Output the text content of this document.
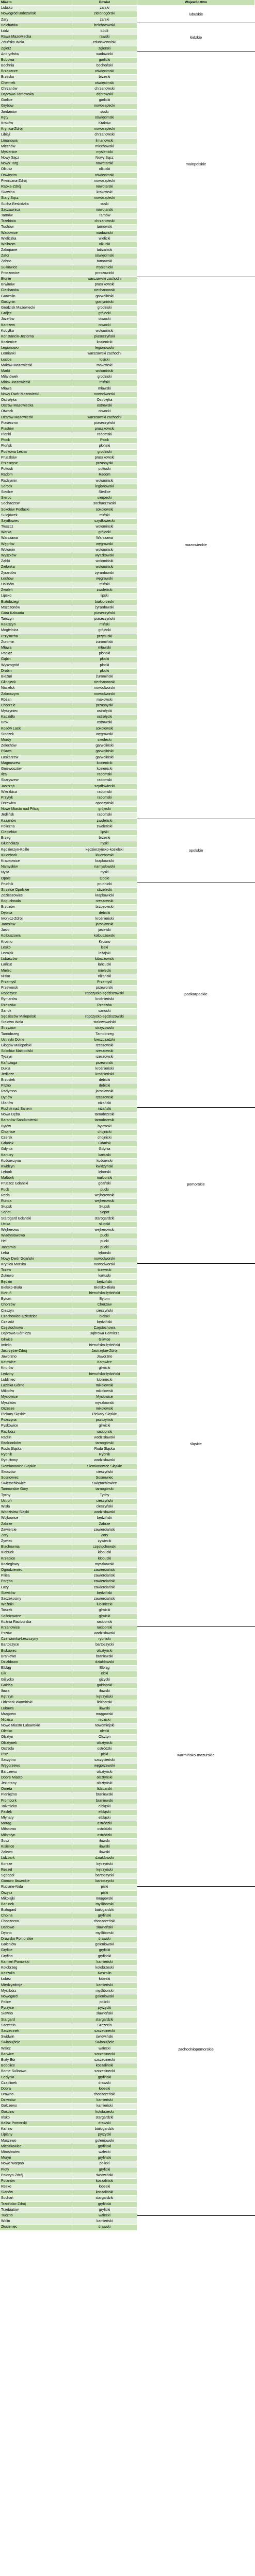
Miasto	Powiat	Województwo
Lubsko	żarski
Nowogród Bobrzański	zielonogórski	lubuskie
Żary	żarski
Bełchatów	bełchatowski
Łódź	Łódź
Rawa Mazowiecka	rawski	łódzkie
Zduńska Wola	zduńskowolski
Zgierz	zgierski
Andrychów	wadowicki
Bobowa	gorlicki
Bochnia	bocheński
Brzeszcze	oświęcimski
Brzesko	brzeski
Chełmek	oświęcimski
Chrzanów	chrzanowski
Dąbrowa Tarnowska	dąbrowski
Gorlice	gorlicki
Grybów	nowosądecki
Jordanów	suski
Kęty	oświęcimski
Kraków	Kraków
Krynica-Zdrój	nowosądecki
Libiąż	chrzanowski
Limanowa	limanowski
Miechów	miechowski
Myślenice	myślenicki
Nowy Sącz	Nowy Sącz
Nowy Targ	nowotarski	małopolskie
Olkusz	olkuski
Oświęcim	oświęcimski
Piwniczna-Zdrój	nowosądecki
Rabka-Zdrój	nowotarski
Skawina	krakowski
Stary Sącz	nowosądecki
Sucha Beskidzka	suski
Szczawnica	nowotarski
Tarnów	Tarnów
Trzebinia	chrzanowski
Tuchów	tarnowski
Wadowice	wadowicki
Wieliczka	wielicki
Wolbrom	olkuski
Zakopane	tatrzański
Zator	oświęcimski
Żabno	tarnowski
Sułkowice	myślenicki
Proszowice	proszowicki
Błonie	warszawski zachodni
Brwinów	pruszkowski
Ciechanów	ciechanowski
Garwolin	garwoliński
Gostynin	gostyniński
Grodzisk Mazowiecki	grodziski
Grójec	grójecki
Józefów	otwocki
Karczew	otwocki
Kobyłka	wołomiński
Konstancin-Jeziorna	piaseczyński
Kozienice	kozienicki
Legionowo	legionowski
Łomianki	warszawski zachodni
Łosice	łosicki
Maków Mazowiecki	makowski
Marki	wołomiński
Milanówek	grodziski
Mińsk Mazowiecki	miński
Mława	mławski
Nowy Dwór Mazowiecki	nowodworski
Ostrołęka	Ostrołęka
Ostrów Mazowiecka	ostrowski
Otwock	otwocki
Ożarów Mazowiecki	warszawski zachodni
Piaseczno	piaseczyński
Piastów	pruszkowski
Pionki	radomski
Płock	Płock
Płońsk	płoński
Podkowa Leśna	grodziski
Pruszków	pruszkowski
Przasnysz	przasnyski
Pułtusk	pułtuski
Radom	Radom
Radzymin	wołomiński
Serock	legionowski
Siedlce	Siedlce
Sierpc	sierpecki
Sochaczew	sochaczewski
Sokołów Podlaski	sokołowski
Sulejówek	miński
Szydłowiec	szydłowiecki
Tłuszcz	wołomiński
Warka	grójecki
Warszawa	Warszawa
Węgrów	węgrowski	mazowieckie
Wołomin	wołomiński
Wyszków	wyszkowski
Ząbki	wołomiński
Zielonka	wołomiński
Żyrardów	żyrardowski
Łochów	węgrowski
Halinów	miński
Zwoleń	zwoleński
Lipsko	lipski
Białobrzegi	białobrzeski
Mszczonów	żyrardowski
Góra Kalwaria	piaseczyński
Tarczyn	piaseczyński
Kałuszyn	miński
Mogielnica	grójecki
Przysucha	przysuski
Żuromin	żuromiński
Mława	mławski
Raciąż	płoński
Gąbin	płocki
Wyszogród	płocki
Drobin	płocki
Bieżuń	żuromiński
Glinojeck	ciechanowski
Nasielsk	nowodworski
Zakroczym	nowodworski
Różan	makowski
Chorzele	przasnyski
Myszyniec	ostrołęcki
Kadzidło	ostrołęcki
Brok	ostrowski
Kosów Lacki	sokołowski
Stoczek	węgrowski
Mordy	siedlecki
Żelechów	garwoliński
Pilawa	garwoliński
Łaskarzew	garwoliński
Magnuszew	kozienicki
Gniewoszów	kozienicki
Iłża	radomski
Skaryszew	radomski
Jastrząb	szydłowiecki
Wierzbica	radomski
Przytyk	radomski
Drzewica	opoczyński
Nowe Miasto nad Pilicą	grójecki
Jedlińsk	radomski
Kazanów	zwoleński
Policzna	zwoleński
Ciepielów	lipski
Brzeg	brzeski
Głuchołazy	nyski
Kędzierzyn-Koźle	kędzierzyńsko-kozielski	opolskie
Kluczbork	kluczborski
Krapkowice	krapkowicki
Namysłów	namysłowski
Nysa	nyski
Opole	Opole
Prudnik	prudnicki
Strzelce Opolskie	strzelecki
Zdzieszowice	krapkowicki
Boguchwała	rzeszowski
Brzozów	brzozowski
Dębica	dębicki
Iwonicz-Zdrój	krośnieński
Jarosław	jarosławski
Jasło	jasielski
Kolbuszowa	kolbuszowski
Krosno	Krosno
Lesko	leski
Leżajsk	leżajski
Lubaczów	lubaczowski
Łańcut	łańcucki
Mielec	mielecki
Nisko	niżański
Przemyśl	Przemyśl
Przeworsk	przeworski
Ropczyce	ropczycko-sędziszowski	podkarpackie
Rymanów	krośnieński
Rzeszów	Rzeszów
Sanok	sanocki
Sędziszów Małopolski	ropczycko-sędziszowski
Stalowa Wola	stalowowolski
Strzyżów	strzyżowski
Tarnobrzeg	Tarnobrzeg
Ustrzyki Dolne	bieszczadzki
Głogów Małopolski	rzeszowski
Sokołów Małopolski	rzeszowski
Tyczyn	rzeszowski
Kańczuga	przeworski
Dukla	krośnieński
Jedlicze	krośnieński
Brzostek	dębicki
Pilzno	dębicki
Radymno	jarosławski
Dynów	rzeszowski
Ulanów	niżański
Rudnik nad Sanem	niżański
Nowa Dęba	tarnobrzeski
Baranów Sandomierski	tarnobrzeski
Bytów	bytowski
Chojnice	chojnicki
Czersk	chojnicki
Gdańsk	Gdańsk
Gdynia	Gdynia
Kartuzy	kartuski
Kościerzyna	kościerski
Kwidzyn	kwidzyński
Lębork	lęborski
Malbork	malborski
Pruszcz Gdański	gdański	pomorskie
Puck	pucki
Reda	wejherowski
Rumia	wejherowski
Słupsk	Słupsk
Sopot	Sopot
Starogard Gdański	starogardzki
Ustka	słupski
Wejherowo	wejherowski
Władysławowo	pucki
Hel	pucki
Jastarnia	pucki
Łeba	lęborski
Nowy Dwór Gdański	nowodworski
Krynica Morska	nowodworski
Tczew	tczewski
Żukowo	kartuski
Będzin	będziński
Bielsko-Biała	Bielsko-Biała
Bieruń	bieruńsko-lędziński
Bytom	Bytom
Chorzów	Chorzów
Cieszyn	cieszyński
Czechowice-Dziedzice	bielski
Czeladź	będziński
Częstochowa	Częstochowa
Dąbrowa Górnicza	Dąbrowa Górnicza
Gliwice	Gliwice
Imielin	bieruńsko-lędziński
Jastrzębie-Zdrój	Jastrzębie-Zdrój
Jaworzno	Jaworzno
Katowice	Katowice
Knurów	gliwicki
Lędziny	bieruńsko-lędziński
Lubliniec	lubliniecki
Łaziska Górne	mikołowski
Mikołów	mikołowski
Mysłowice	Mysłowice
Myszków	myszkowski
Orzesze	mikołowski
Piekary Śląskie	Piekary Śląskie
Pszczyna	pszczyński
Pyskowice	gliwicki
Racibórz	raciborski
Radlin	wodzisławski
Radzionków	tarnogórski	śląskie
Ruda Śląska	Ruda Śląska
Rybnik	Rybnik
Rydułtowy	wodzisławski
Siemianowice Śląskie	Siemianowice Śląskie
Skoczów	cieszyński
Sosnowiec	Sosnowiec
Świętochłowice	Świętochłowice
Tarnowskie Góry	tarnogórski
Tychy	Tychy
Ustroń	cieszyński
Wisła	cieszyński
Wodzisław Śląski	wodzisławski
Wojkowice	będziński
Zabrze	Zabrze
Zawiercie	zawierciański
Żory	Żory
Żywiec	żywiecki
Blachownia	częstochowski
Kłobuck	kłobucki
Krzepice	kłobucki
Koziegłowy	myszkowski
Ogrodzieniec	zawierciański
Pilica	zawierciański
Poręba	zawierciański
Łazy	zawierciański
Sławków	będziński
Szczekociny	zawierciański
Woźniki	lubliniecki
Toszek	gliwicki
Sośnicowice	gliwicki
Kuźnia Raciborska	raciborski
Krzanowice	raciborski
Pszów	wodzisławski
Czerwionka-Leszczyny	rybnicki
Bartoszyce	bartoszycki
Biskupiec	olsztyński
Braniewo	braniewski
Działdowo	działdowski
Elbląg	Elbląg
Ełk	ełcki
Giżycko	giżycki
Gołdap	gołdapski
Iława	iławski
Kętrzyn	kętrzyński
Lidzbark Warmiński	lidzbarski
Lubawa	iławski
Mrągowo	mrągowski
Nidzica	nidzicki
Nowe Miasto Lubawskie	nowomiejski
Olecko	olecki
Olsztyn	Olsztyn
Olsztynek	olsztyński
Ostróda	ostródzki
Pisz	piski	warmińsko-mazurskie
Szczytno	szczycieński
Węgorzewo	węgorzewski
Barczewo	olsztyński
Dobre Miasto	olsztyński
Jeziorany	olsztyński
Orneta	lidzbarski
Pieniężno	braniewski
Frombork	braniewski
Tolkmicko	elbląski
Pasłęk	elbląski
Młynary	elbląski
Morąg	ostródzki
Miłakowo	ostródzki
Miłomłyn	ostródzki
Susz	iławski
Kisielice	iławski
Zalewo	iławski
Lidzbark	działdowski
Korsze	kętrzyński
Reszel	kętrzyński
Sępopol	bartoszycki
Górowo Iławeckie	bartoszycki
Ruciane-Nida	piski
Orzysz	piski
Mikołajki	mrągowski
Barlinek	myśliborski
Białogard	białogardzki
Chojna	gryfiński
Choszczno	choszczeński
Darłowo	sławieński
Dębno	myśliborski
Drawsko Pomorskie	drawski
Goleniów	goleniowski
Gryfice	gryficki
Gryfino	gryfiński
Kamień Pomorski	kamieński
Kołobrzeg	kołobrzeski
Koszalin	Koszalin
Łobez	łobeski
Międzyzdroje	kamieński
Myślibórz	myśliborski
Nowogard	goleniowski
Police	policki
Pyrzyce	pyrzycki
Sławno	sławieński
Stargard	stargardzki
Szczecin	Szczecin
Szczecinek	szczecinecki
Świdwin	świdwiński
Świnoujście	Świnoujście
Wałcz	wałecki	zachodniopomorskie
Barwice	szczecinecki
Biały Bór	szczecinecki
Bobolice	koszaliński
Borne Sulinowo	szczecinecki
Cedynia	gryfiński
Czaplinek	drawski
Dobra	łobeski
Drawno	choszczeński
Dziwnów	kamieński
Golczewo	kamieński
Gościno	kołobrzeski
Ińsko	stargardzki
Kalisz Pomorski	drawski
Karlino	białogardzki
Lipiany	pyrzycki
Maszewo	goleniowski
Mieszkowice	gryfiński
Mirosławiec	wałecki
Moryń	gryfiński
Nowe Warpno	policki
Płoty	gryficki
Połczyn-Zdrój	świdwiński
Polanów	koszaliński
Resko	łobeski
Sianów	koszaliński
Suchań	stargardzki
Trzcińsko-Zdrój	gryfiński
Trzebiatów	gryficki
Tuczno	wałecki
Wolin	kamieński
Złocieniec	drawski
